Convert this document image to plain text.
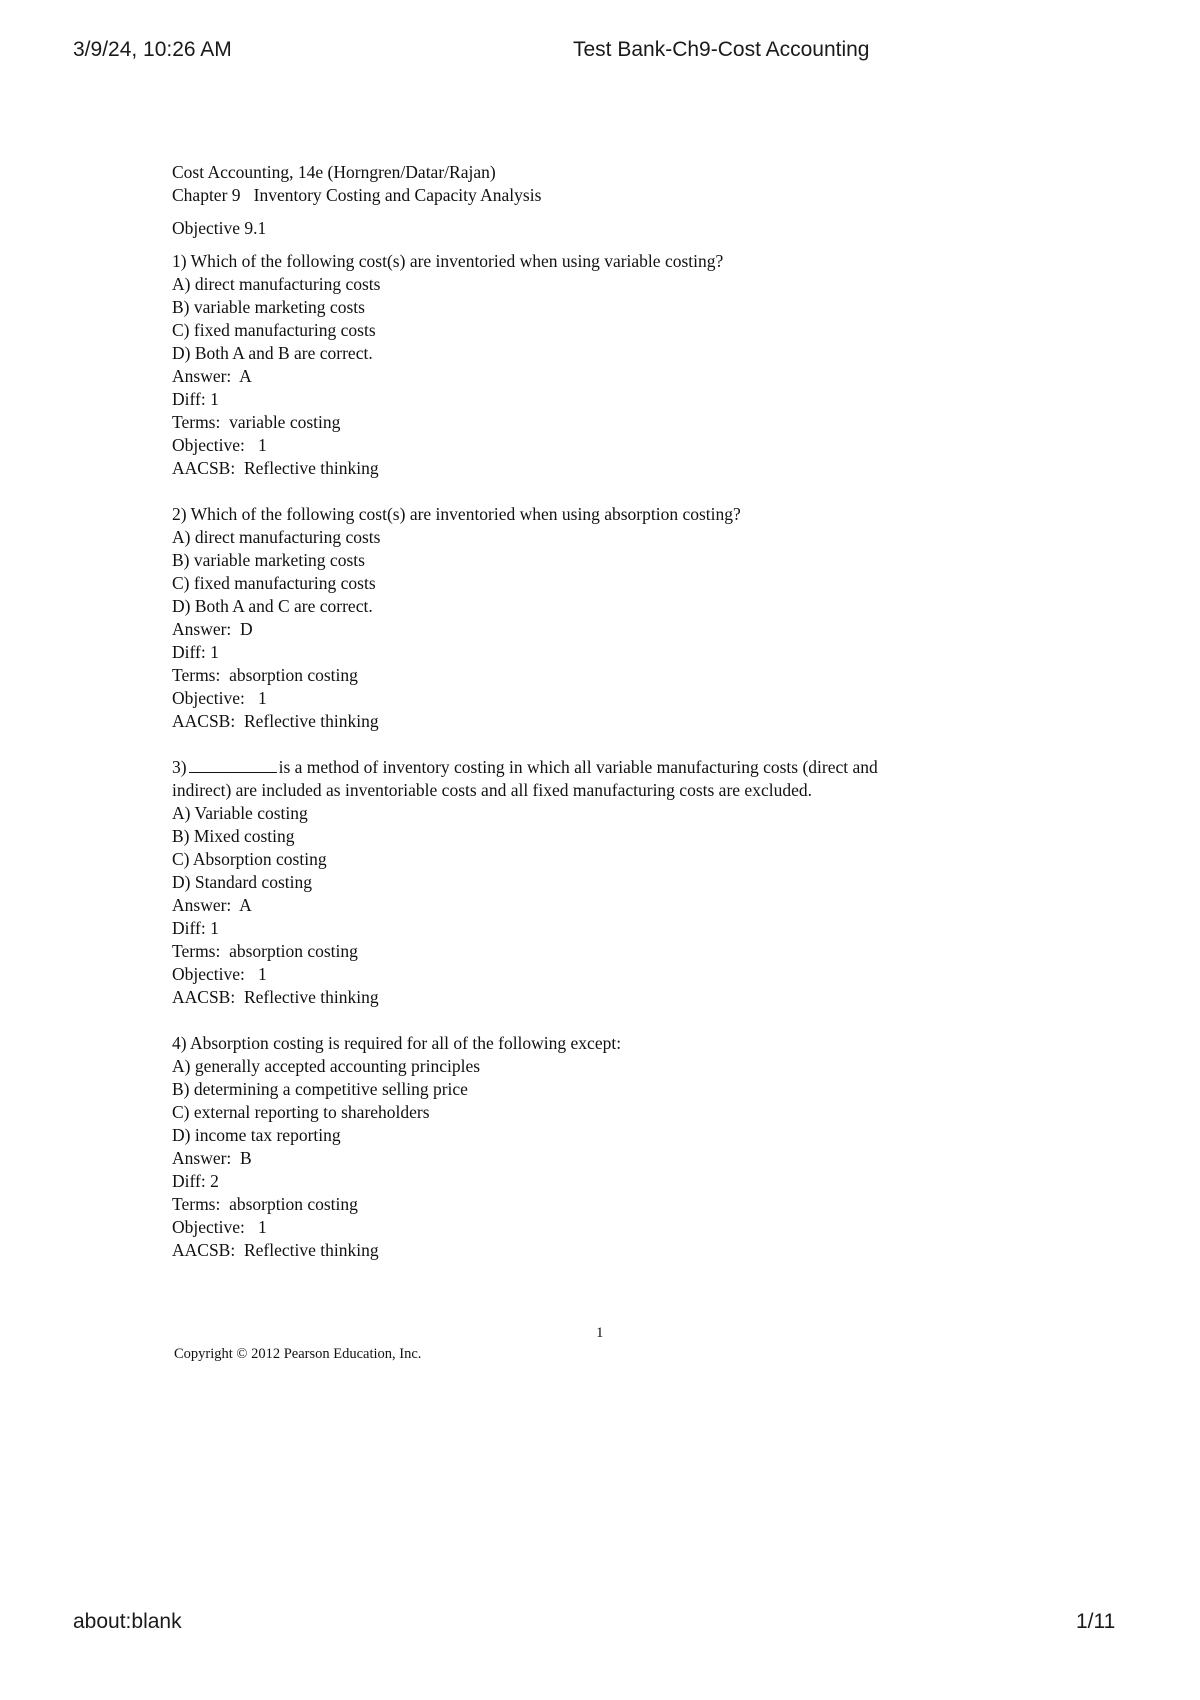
3/9/24, 10:26 AM	Test Bank-Ch9-Cost Accounting
Cost Accounting, 14e (Horngren/Datar/Rajan)
Chapter 9   Inventory Costing and Capacity Analysis
Objective 9.1
1) Which of the following cost(s) are inventoried when using variable costing?
A) direct manufacturing costs
B) variable marketing costs
C) fixed manufacturing costs
D) Both A and B are correct.
Answer:  A
Diff: 1
Terms:  variable costing
Objective:   1
AACSB:  Reflective thinking
2) Which of the following cost(s) are inventoried when using absorption costing?
A) direct manufacturing costs
B) variable marketing costs
C) fixed manufacturing costs
D) Both A and C are correct.
Answer:  D
Diff: 1
Terms:  absorption costing
Objective:   1
AACSB:  Reflective thinking
3)	is a method of inventory costing in which all variable manufacturing costs (direct and
indirect) are included as inventoriable costs and all fixed manufacturing costs are excluded.
A) Variable costing
B) Mixed costing
C) Absorption costing
D) Standard costing
Answer:  A
Diff: 1
Terms:  absorption costing
Objective:   1
AACSB:  Reflective thinking
4) Absorption costing is required for all of the following except:
A) generally accepted accounting principles
B) determining a competitive selling price
C) external reporting to shareholders
D) income tax reporting
Answer:  B
Diff: 2
Terms:  absorption costing
Objective:   1
AACSB:  Reflective thinking
1
Copyright © 2012 Pearson Education, Inc.
about:blank	1/11
